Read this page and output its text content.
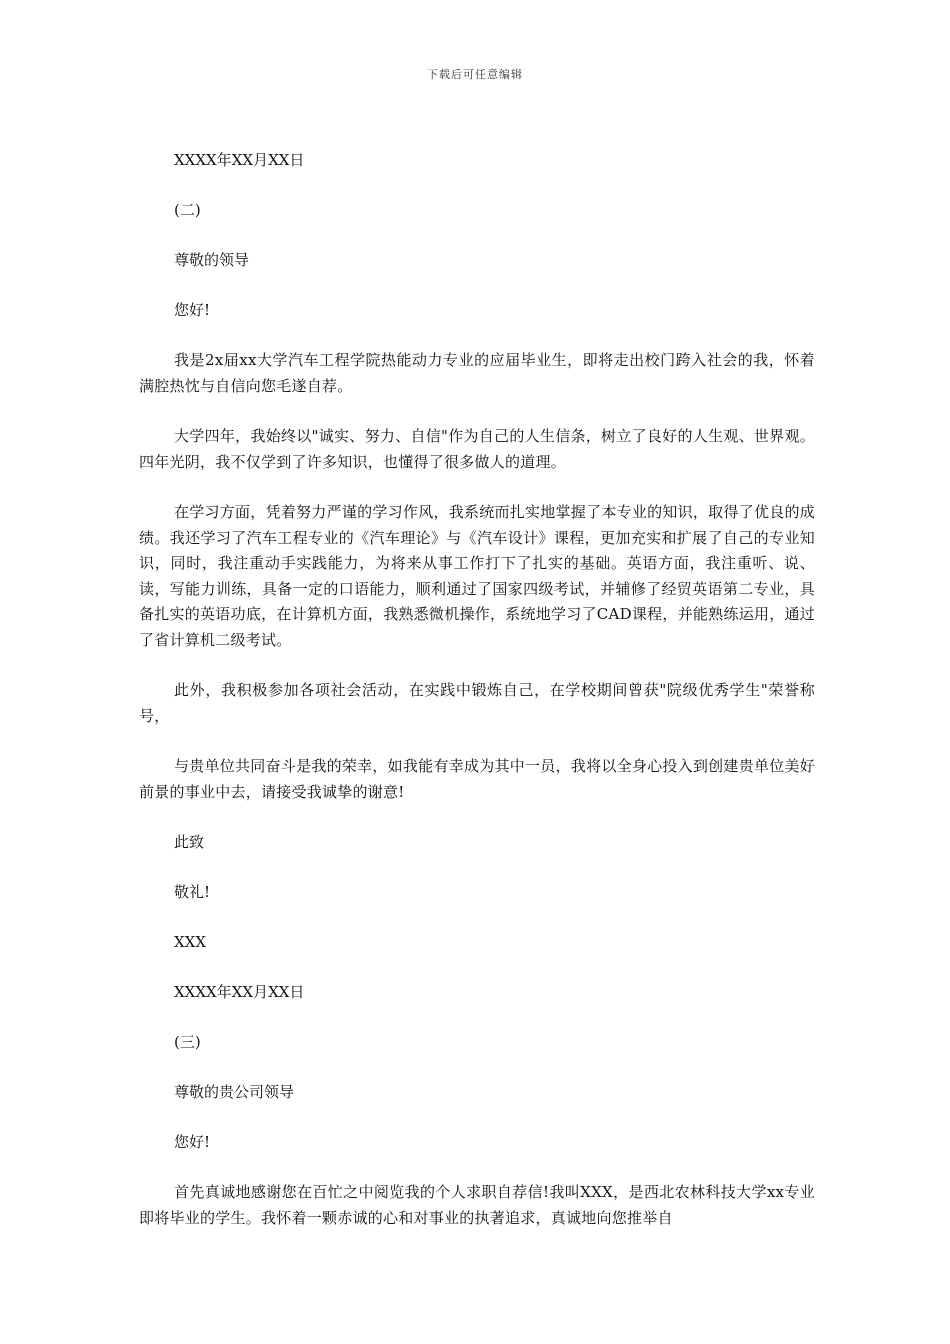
下载后可任意编辑
XXXX年XX月XX日
(二)
尊敬的领导
您好!

我是2x届xx大学汽车工程学院热能动力专业的应届毕业生，即将走出校门跨入社会的我，怀着满腔热忱与自信向您毛遂自荐。

大学四年，我始终以"诚实、努力、自信"作为自己的人生信条，树立了良好的人生观、世界观。四年光阴，我不仅学到了许多知识，也懂得了很多做人的道理。

在学习方面，凭着努力严谨的学习作风，我系统而扎实地掌握了本专业的知识，取得了优良的成绩。我还学习了汽车工程专业的《汽车理论》与《汽车设计》课程，更加充实和扩展了自己的专业知识，同时，我注重动手实践能力，为将来从事工作打下了扎实的基础。英语方面，我注重听、说、读，写能力训练，具备一定的口语能力，顺利通过了国家四级考试，并辅修了经贸英语第二专业，具备扎实的英语功底，在计算机方面，我熟悉微机操作，系统地学习了CAD课程，并能熟练运用，通过了省计算机二级考试。

此外，我积极参加各项社会活动，在实践中锻炼自己，在学校期间曾获"院级优秀学生"荣誉称号，

与贵单位共同奋斗是我的荣幸，如我能有幸成为其中一员，我将以全身心投入到创建贵单位美好前景的事业中去，请接受我诚挚的谢意!

此致
敬礼!
XXX
XXXX年XX月XX日
(三)
尊敬的贵公司领导
您好!

首先真诚地感谢您在百忙之中阅览我的个人求职自荐信!我叫XXX，是西北农林科技大学xx专业即将毕业的学生。我怀着一颗赤诚的心和对事业的执著追求，真诚地向您推举自
